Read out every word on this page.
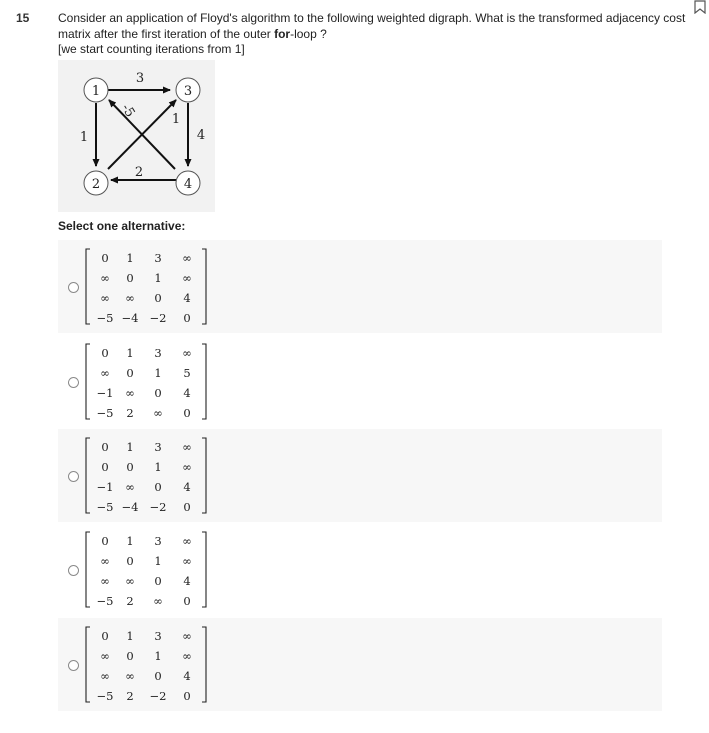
15 Consider an application of Floyd's algorithm to the following weighted digraph. What is the transformed adjacency cost matrix after the first iteration of the outer for-loop ?
[we start counting iterations from 1]
1
2
3
4
3
-5	1
4
1
2
Select one alternative:
0	1	3	∞
∞	0	1	∞
∞	∞	0	4
−5 −4 −2	0
0	1	3	∞
∞	0	1	5
−1	∞	0	4
−5	2	∞	0
0	1	3	∞
0	0	1	∞
−1	∞	0	4
−5 −4 −2	0
0	1	3	∞
∞	0	1	∞
∞	∞	0	4
−5	2	∞	0
0	1	3	∞
∞	0	1	∞
∞	∞	0	4
−5	2	−2	0
